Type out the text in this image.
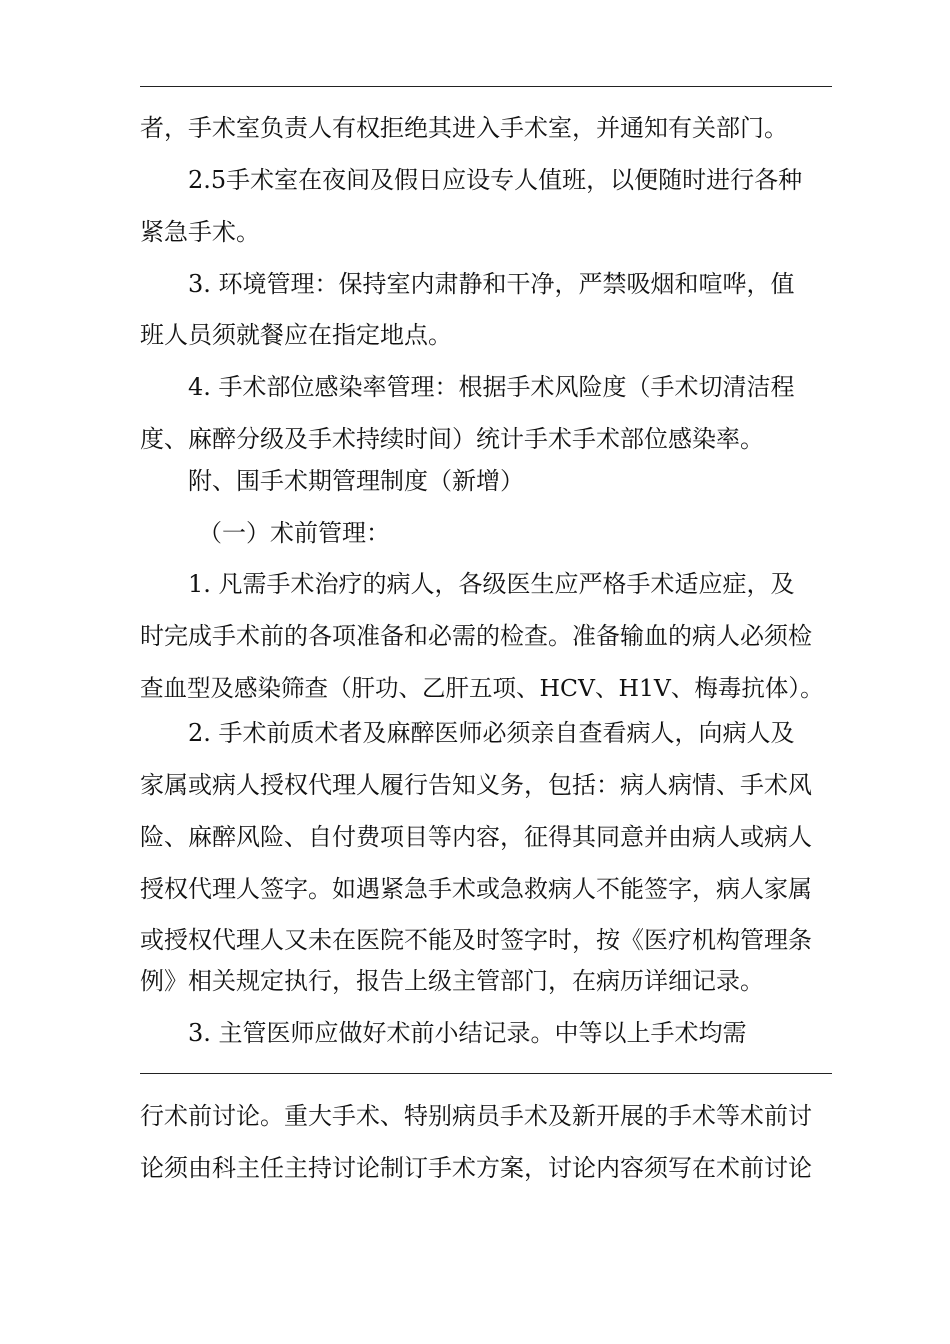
者，手术室负责人有权拒绝其进入手术室，并通知有关部门。
2.5手术室在夜间及假日应设专人值班，以便随时进行各种
紧急手术。
3. 环境管理：保持室内肃静和干净，严禁吸烟和喧哗，值
班人员须就餐应在指定地点。
4. 手术部位感染率管理：根据手术风险度（手术切清洁程
度、麻醉分级及手术持续时间）统计手术手术部位感染率。
附、围手术期管理制度（新增）
（一）术前管理：
1. 凡需手术治疗的病人，各级医生应严格手术适应症，及
时完成手术前的各项准备和必需的检查。准备输血的病人必须检
查血型及感染筛查（肝功、乙肝五项、HCV、H1V、梅毒抗体）。
2. 手术前质术者及麻醉医师必须亲自查看病人，向病人及
家属或病人授权代理人履行告知义务，包括：病人病情、手术风
险、麻醉风险、自付费项目等内容，征得其同意并由病人或病人
授权代理人签字。如遇紧急手术或急救病人不能签字，病人家属
或授权代理人又未在医院不能及时签字时，按《医疗机构管理条
例》相关规定执行，报告上级主管部门，在病历详细记录。
3. 主管医师应做好术前小结记录。中等以上手术均需
行术前讨论。重大手术、特别病员手术及新开展的手术等术前讨
论须由科主任主持讨论制订手术方案，讨论内容须写在术前讨论
